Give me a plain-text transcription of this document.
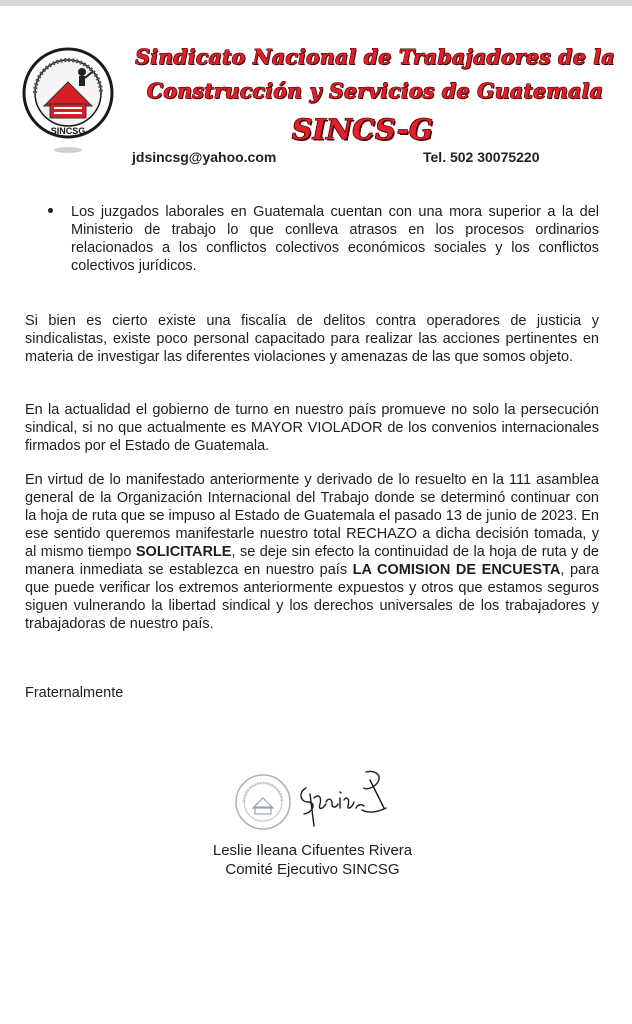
SINCSG
Sindicato Nacional de Trabajadores de la
Construcción y Servicios de Guatemala
SINCS-G
jdsincsg@yahoo.com	Tel. 502 30075220

Los juzgados laborales en Guatemala cuentan con una mora superior a la del Ministerio de trabajo lo que conlleva atrasos en los procesos ordinarios relacionados a los conflictos colectivos económicos sociales y los conflictos colectivos jurídicos.

Si bien es cierto existe una fiscalía de delitos contra operadores de justicia y sindicalistas, existe poco personal capacitado para realizar las acciones pertinentes en materia de investigar las diferentes violaciones y amenazas de las que somos objeto.

En la actualidad el gobierno de turno en nuestro país promueve no solo la persecución sindical, si no que actualmente es MAYOR VIOLADOR de los convenios internacionales firmados por el Estado de Guatemala.

En virtud de lo manifestado anteriormente y derivado de lo resuelto en la 111 asamblea general de la Organización Internacional del Trabajo donde se determinó continuar con la hoja de ruta que se impuso al Estado de Guatemala el pasado 13 de junio de 2023. En ese sentido queremos manifestarle nuestro total RECHAZO a dicha decisión tomada, y al mismo tiempo SOLICITARLE, se deje sin efecto la continuidad de la hoja de ruta y de manera inmediata se establezca en nuestro país LA COMISION DE ENCUESTA, para que puede verificar los extremos anteriormente expuestos y otros que estamos seguros siguen vulnerando la libertad sindical y los derechos universales de los trabajadores y trabajadoras de nuestro país.

Fraternalmente
Leslie Ileana Cifuentes Rivera
Comité Ejecutivo SINCSG
